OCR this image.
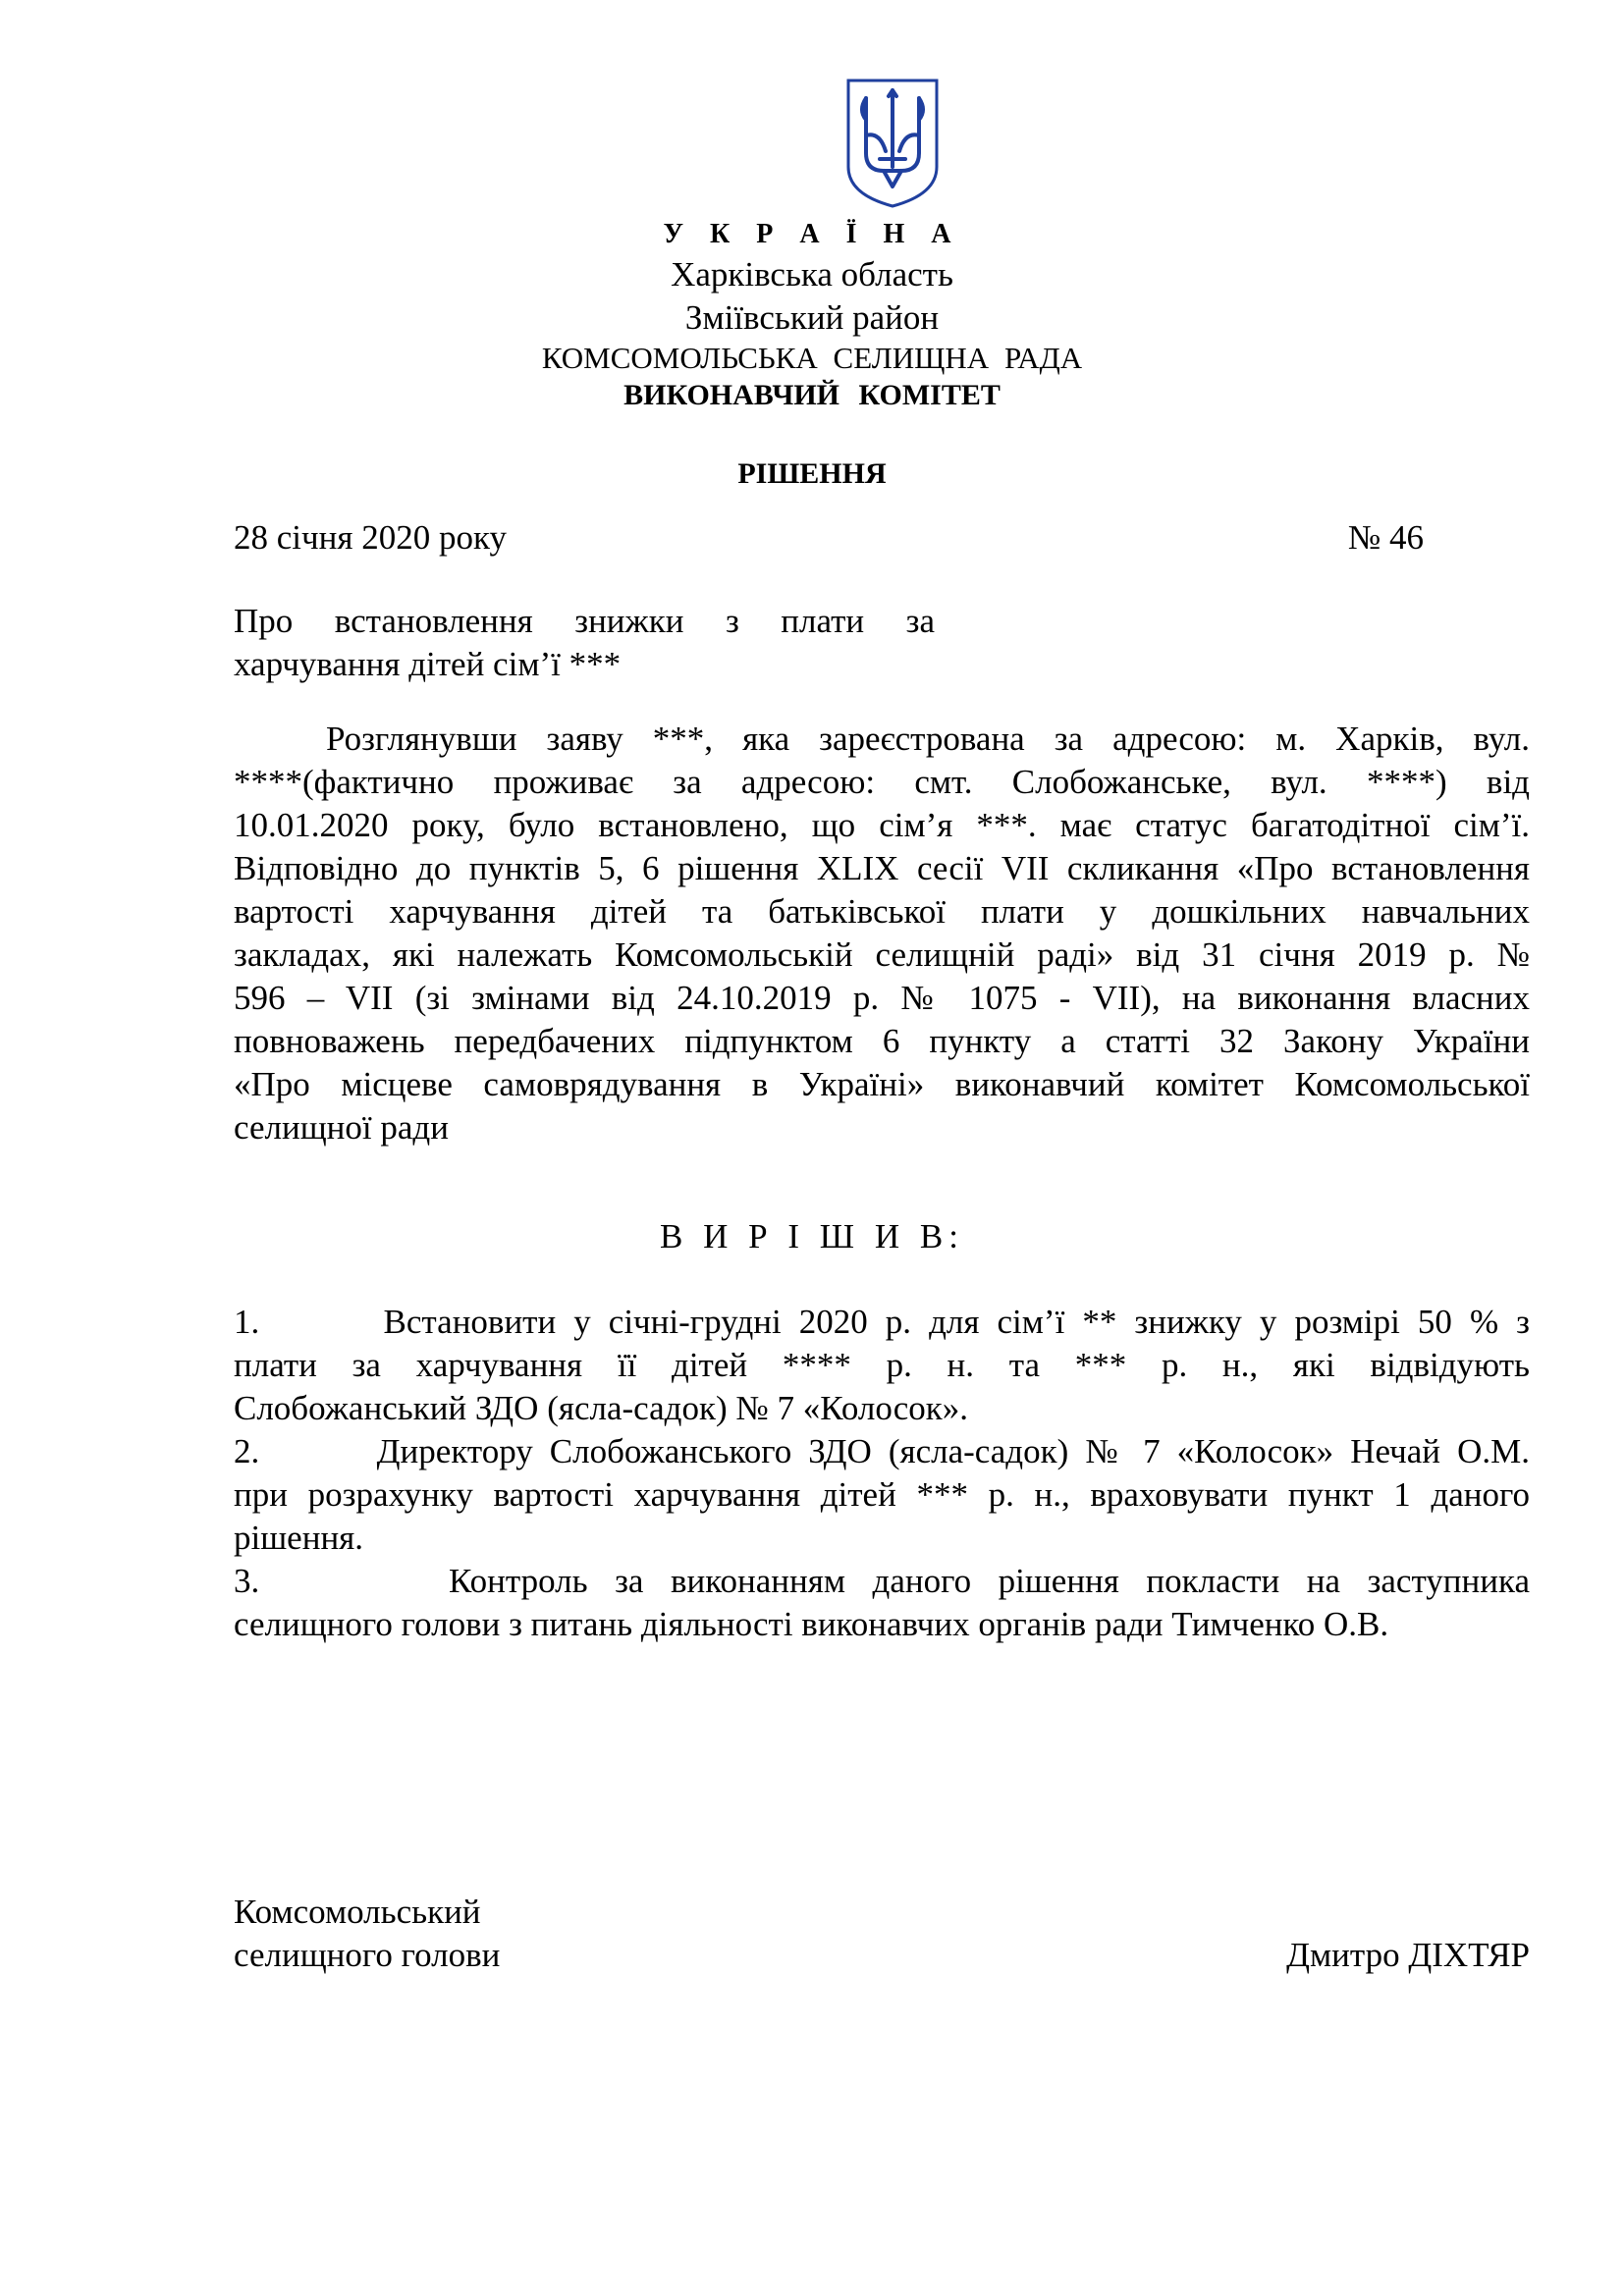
У К Р А Ї Н А
Харківська область
Зміївський район
КОМСОМОЛЬСЬКА СЕЛИЩНА РАДА
ВИКОНАВЧИЙ КОМІТЕТ
РІШЕННЯ
28 січня 2020 року	№ 46
Про встановлення знижки з плати за
харчування дітей сім’ї ***
Розглянувши заяву ***, яка зареєстрована за адресою: м. Харків, вул.
****(фактично проживає за адресою: смт. Слобожанське, вул. ****) від
10.01.2020 року, було встановлено, що сім’я ***. має статус багатодітної сім’ї.
Відповідно до пунктів 5, 6 рішення XLIX сесії VII скликання «Про встановлення
вартості харчування дітей та батьківської плати у дошкільних навчальних
закладах, які належать Комсомольській селищній раді» від 31 січня 2019 р. №
596 – VII (зі змінами від 24.10.2019 р. № 1075 - VII), на виконання власних
повноважень передбачених підпунктом 6 пункту а статті 32 Закону України
«Про місцеве самоврядування в Україні» виконавчий комітет Комсомольської
селищної ради
В И Р І Ш И В:
1.       Встановити у січні-грудні 2020 р. для сім’ї ** знижку у розмірі 50 % з
плати за харчування її дітей **** р. н. та *** р. н., які відвідують
Слобожанський ЗДО (ясла-садок) № 7 «Колосок».
2.       Директору Слобожанського ЗДО (ясла-садок) № 7 «Колосок» Нечай О.М.
при розрахунку вартості харчування дітей *** р. н., враховувати пункт 1 даного
рішення.
3.       Контроль за виконанням даного рішення покласти на заступника
селищного голови з питань діяльності виконавчих органів ради Тимченко О.В.
Комсомольський
селищного голови	Дмитро ДІХТЯР
